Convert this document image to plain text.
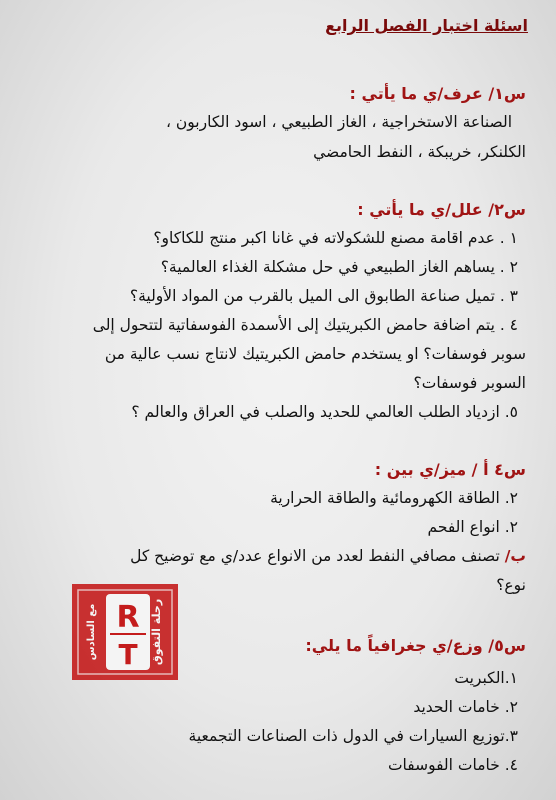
اسئلة اختبار الفصل الرابع
س١/ عرف/ي ما يأتي :
الصناعة الاستخراجية ، الغاز الطبيعي ، اسود الكاربون ،
الكلنكر، خريبكة ، النفط الحامضي
س٢/ علل/ي ما يأتي :
١ . عدم اقامة مصنع للشكولاته في غانا اكبر منتج للكاكاو؟
٢ . يساهم الغاز الطبيعي في حل مشكلة الغذاء العالمية؟
٣ . تميل صناعة الطابوق الى الميل بالقرب من المواد الأولية؟
٤ . يتم اضافة حامض الكبريتيك إلى الأسمدة الفوسفاتية لتتحول إلى
سوبر فوسفات؟ او يستخدم حامض الكبريتيك لانتاج نسب عالية من
السوبر فوسفات؟
٥. ازدياد الطلب العالمي للحديد والصلب في العراق والعالم ؟
س٤ أ / ميز/ي بين :
٢. الطاقة الكهرومائية والطاقة الحرارية
٢. انواع الفحم
ب/ تصنف مصافي النفط لعدد من الانواع عدد/ي مع توضيح كل
نوع؟
س٥/ وزع/ي جغرافياً ما يلي:
١.الكبريت
٢. خامات الحديد
٣.توزيع السيارات في الدول ذات الصناعات التجمعية
٤. خامات الفوسفات
R
T رحلة التفوق
مع السادس
